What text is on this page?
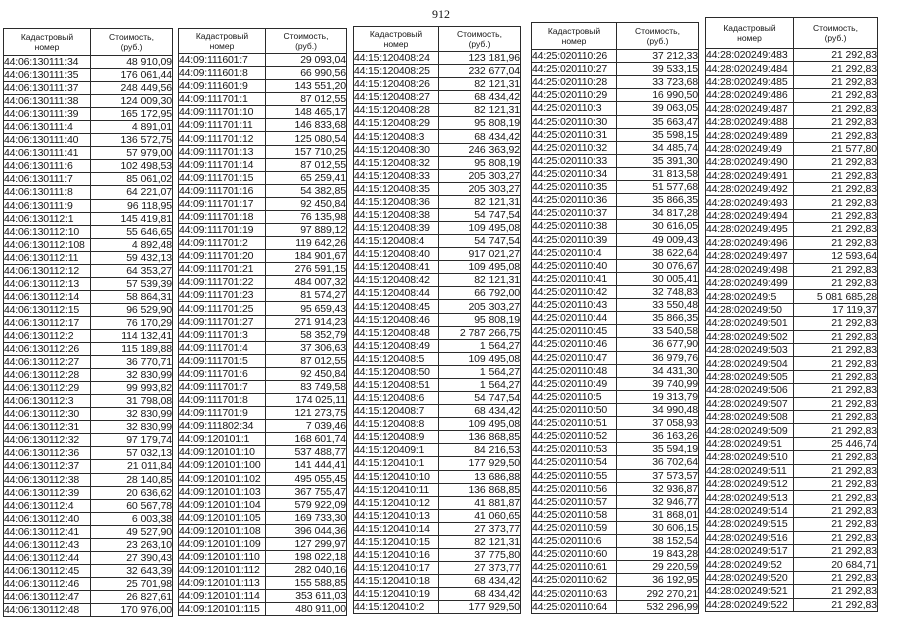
912
Кадастровый
номер	Стоимость,
(руб.)
44:06:130111:34	48 910,09
44:06:130111:35	176 061,44
44:06:130111:37	248 449,56
44:06:130111:38	124 009,30
44:06:130111:39	165 172,95
44:06:130111:4	4 891,01
44:06:130111:40	136 572,75
44:06:130111:41	57 979,00
44:06:130111:6	102 498,53
44:06:130111:7	85 061,02
44:06:130111:8	64 221,07
44:06:130111:9	96 118,95
44:06:130112:1	145 419,81
44:06:130112:10	55 646,65
44:06:130112:108	4 892,48
44:06:130112:11	59 432,13
44:06:130112:12	64 353,27
44:06:130112:13	57 539,39
44:06:130112:14	58 864,31
44:06:130112:15	96 529,90
44:06:130112:17	76 170,29
44:06:130112:2	114 132,41
44:06:130112:26	115 189,88
44:06:130112:27	36 770,71
44:06:130112:28	32 830,99
44:06:130112:29	99 993,82
44:06:130112:3	31 798,08
44:06:130112:30	32 830,99
44:06:130112:31	32 830,99
44:06:130112:32	97 179,74
44:06:130112:36	57 032,13
44:06:130112:37	21 011,84
44:06:130112:38	28 140,85
44:06:130112:39	20 636,62
44:06:130112:4	60 567,78
44:06:130112:40	6 003,38
44:06:130112:41	49 527,90
44:06:130112:43	23 263,10
44:06:130112:44	27 390,43
44:06:130112:45	32 643,39
44:06:130112:46	25 701,98
44:06:130112:47	26 827,61
44:06:130112:48	170 976,00
Кадастровый
номер	Стоимость,
(руб.)
44:09:111601:7	29 093,04
44:09:111601:8	66 990,56
44:09:111601:9	143 551,20
44:09:111701:1	87 012,55
44:09:111701:10	148 465,17
44:09:111701:11	146 833,68
44:09:111701:12	125 080,54
44:09:111701:13	157 710,25
44:09:111701:14	87 012,55
44:09:111701:15	65 259,41
44:09:111701:16	54 382,85
44:09:111701:17	92 450,84
44:09:111701:18	76 135,98
44:09:111701:19	97 889,12
44:09:111701:2	119 642,26
44:09:111701:20	184 901,67
44:09:111701:21	276 591,15
44:09:111701:22	484 007,32
44:09:111701:23	81 574,27
44:09:111701:25	95 659,43
44:09:111701:27	271 914,23
44:09:111701:3	58 352,79
44:09:111701:4	37 306,63
44:09:111701:5	87 012,55
44:09:111701:6	92 450,84
44:09:111701:7	83 749,58
44:09:111701:8	174 025,11
44:09:111701:9	121 273,75
44:09:111802:34	7 039,46
44:09:120101:1	168 601,74
44:09:120101:10	537 488,77
44:09:120101:100	141 444,41
44:09:120101:102	495 055,45
44:09:120101:103	367 755,47
44:09:120101:104	579 922,09
44:09:120101:105	169 733,30
44:09:120101:108	396 044,36
44:09:120101:109	127 299,97
44:09:120101:110	198 022,18
44:09:120101:112	282 040,16
44:09:120101:113	155 588,85
44:09:120101:114	353 611,03
44:09:120101:115	480 911,00
Кадастровый
номер	Стоимость,
(руб.)
44:15:120408:24	123 181,96
44:15:120408:25	232 677,04
44:15:120408:26	82 121,31
44:15:120408:27	68 434,42
44:15:120408:28	82 121,31
44:15:120408:29	95 808,19
44:15:120408:3	68 434,42
44:15:120408:30	246 363,92
44:15:120408:32	95 808,19
44:15:120408:33	205 303,27
44:15:120408:35	205 303,27
44:15:120408:36	82 121,31
44:15:120408:38	54 747,54
44:15:120408:39	109 495,08
44:15:120408:4	54 747,54
44:15:120408:40	917 021,27
44:15:120408:41	109 495,08
44:15:120408:42	82 121,31
44:15:120408:44	66 792,00
44:15:120408:45	205 303,27
44:15:120408:46	95 808,19
44:15:120408:48	2 787 266,75
44:15:120408:49	1 564,27
44:15:120408:5	109 495,08
44:15:120408:50	1 564,27
44:15:120408:51	1 564,27
44:15:120408:6	54 747,54
44:15:120408:7	68 434,42
44:15:120408:8	109 495,08
44:15:120408:9	136 868,85
44:15:120409:1	84 216,53
44:15:120410:1	177 929,50
44:15:120410:10	13 686,88
44:15:120410:11	136 868,85
44:15:120410:12	41 881,87
44:15:120410:13	41 060,65
44:15:120410:14	27 373,77
44:15:120410:15	82 121,31
44:15:120410:16	37 775,80
44:15:120410:17	27 373,77
44:15:120410:18	68 434,42
44:15:120410:19	68 434,42
44:15:120410:2	177 929,50
Кадастровый
номер	Стоимость,
(руб.)
44:25:020110:26	37 212,33
44:25:020110:27	39 533,15
44:25:020110:28	33 723,68
44:25:020110:29	16 990,50
44:25:020110:3	39 063,05
44:25:020110:30	35 663,47
44:25:020110:31	35 598,15
44:25:020110:32	34 485,74
44:25:020110:33	35 391,30
44:25:020110:34	31 813,58
44:25:020110:35	51 577,68
44:25:020110:36	35 866,35
44:25:020110:37	34 817,28
44:25:020110:38	30 616,05
44:25:020110:39	49 009,43
44:25:020110:4	38 622,64
44:25:020110:40	30 076,67
44:25:020110:41	30 005,41
44:25:020110:42	32 748,83
44:25:020110:43	33 550,48
44:25:020110:44	35 866,35
44:25:020110:45	33 540,58
44:25:020110:46	36 677,90
44:25:020110:47	36 979,76
44:25:020110:48	34 431,30
44:25:020110:49	39 740,99
44:25:020110:5	19 313,79
44:25:020110:50	34 990,48
44:25:020110:51	37 058,93
44:25:020110:52	36 163,26
44:25:020110:53	35 594,19
44:25:020110:54	36 702,64
44:25:020110:55	37 573,57
44:25:020110:56	32 936,87
44:25:020110:57	32 946,77
44:25:020110:58	31 868,01
44:25:020110:59	30 606,15
44:25:020110:6	38 152,54
44:25:020110:60	19 843,28
44:25:020110:61	29 220,59
44:25:020110:62	36 192,95
44:25:020110:63	292 270,21
44:25:020110:64	532 296,99
Кадастровый
номер	Стоимость,
(руб.)
44:28:020249:483	21 292,83
44:28:020249:484	21 292,83
44:28:020249:485	21 292,83
44:28:020249:486	21 292,83
44:28:020249:487	21 292,83
44:28:020249:488	21 292,83
44:28:020249:489	21 292,83
44:28:020249:49	21 577,80
44:28:020249:490	21 292,83
44:28:020249:491	21 292,83
44:28:020249:492	21 292,83
44:28:020249:493	21 292,83
44:28:020249:494	21 292,83
44:28:020249:495	21 292,83
44:28:020249:496	21 292,83
44:28:020249:497	12 593,64
44:28:020249:498	21 292,83
44:28:020249:499	21 292,83
44:28:020249:5	5 081 685,28
44:28:020249:50	17 119,37
44:28:020249:501	21 292,83
44:28:020249:502	21 292,83
44:28:020249:503	21 292,83
44:28:020249:504	21 292,83
44:28:020249:505	21 292,83
44:28:020249:506	21 292,83
44:28:020249:507	21 292,83
44:28:020249:508	21 292,83
44:28:020249:509	21 292,83
44:28:020249:51	25 446,74
44:28:020249:510	21 292,83
44:28:020249:511	21 292,83
44:28:020249:512	21 292,83
44:28:020249:513	21 292,83
44:28:020249:514	21 292,83
44:28:020249:515	21 292,83
44:28:020249:516	21 292,83
44:28:020249:517	21 292,83
44:28:020249:52	20 684,71
44:28:020249:520	21 292,83
44:28:020249:521	21 292,83
44:28:020249:522	21 292,83
